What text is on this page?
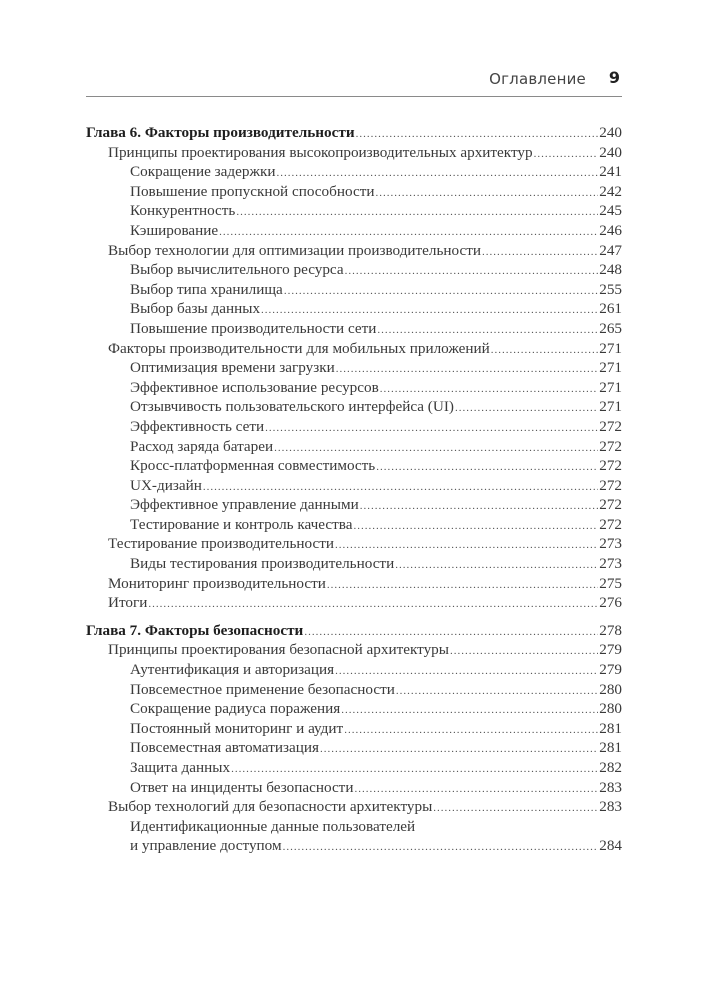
Оглавление 9
Глава 6. Факторы производительности .....	240
Принципы проектирования высокопроизводительных архитектур .....	240
Сокращение задержки .....	241
Повышение пропускной способности .....	242
Конкурентность .....	245
Кэширование .....	246
Выбор технологии для оптимизации производительности .....	247
Выбор вычислительного ресурса .....	248
Выбор типа хранилища .....	255
Выбор базы данных .....	261
Повышение производительности сети .....	265
Факторы производительности для мобильных приложений .....	271
Оптимизация времени загрузки .....	271
Эффективное использование ресурсов .....	271
Отзывчивость пользовательского интерфейса (UI) .....	271
Эффективность сети .....	272
Расход заряда батареи .....	272
Кросс-платформенная совместимость .....	272
UX-дизайн .....	272
Эффективное управление данными .....	272
Тестирование и контроль качества .....	272
Тестирование производительности .....	273
Виды тестирования производительности .....	273
Мониторинг производительности .....	275
Итоги .....	276
Глава 7. Факторы безопасности .....	278
Принципы проектирования безопасной архитектуры .....	279
Аутентификация и авторизация .....	279
Повсеместное применение безопасности .....	280
Сокращение радиуса поражения .....	280
Постоянный мониторинг и аудит .....	281
Повсеместная автоматизация .....	281
Защита данных .....	282
Ответ на инциденты безопасности .....	283
Выбор технологий для безопасности архитектуры .....	283
Идентификационные данные пользователей
и управление доступом .....	284
